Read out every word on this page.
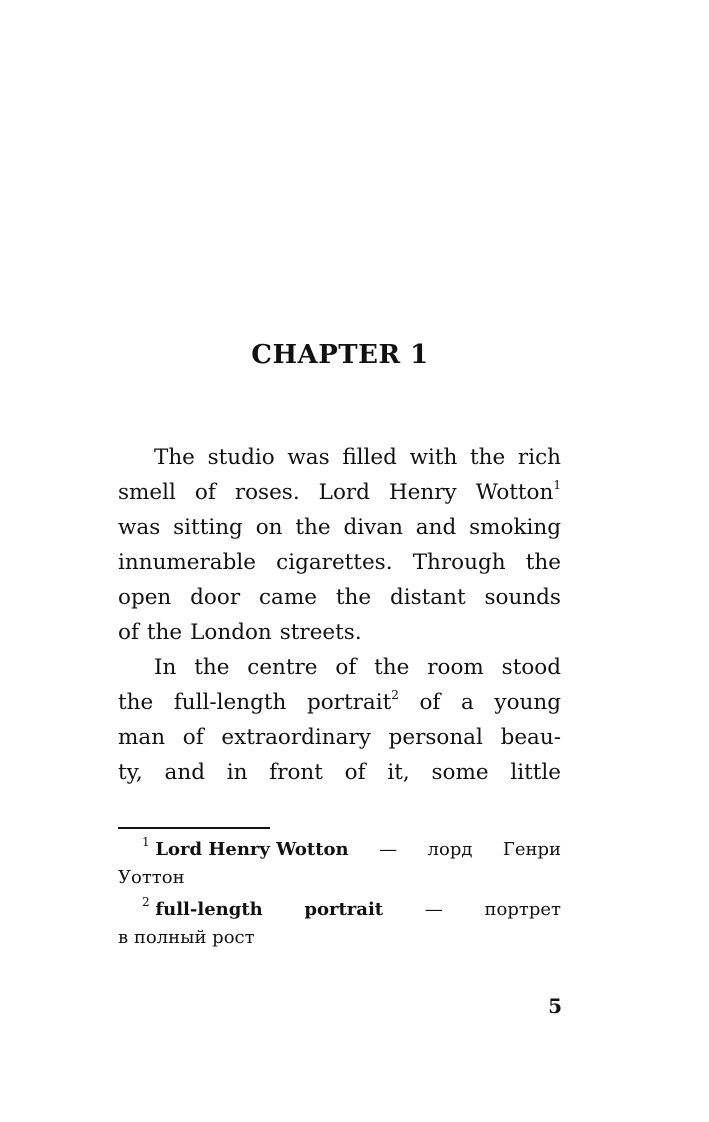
CHAPTER 1
The studio was filled with the rich
smell of roses. Lord Henry Wotton$^1$
was sitting on the divan and smoking
innumerable cigarettes. Through the
open door came the distant sounds
of the London streets.
In the centre of the room stood
the full-length portrait$^2$ of a young
man of extraordinary personal beau-
ty, and in front of it, some little
$^1$ Lord Henry Wotton — лорд Генри
Уоттон
$^2$ full-length portrait — портрет
в полный рост
5
